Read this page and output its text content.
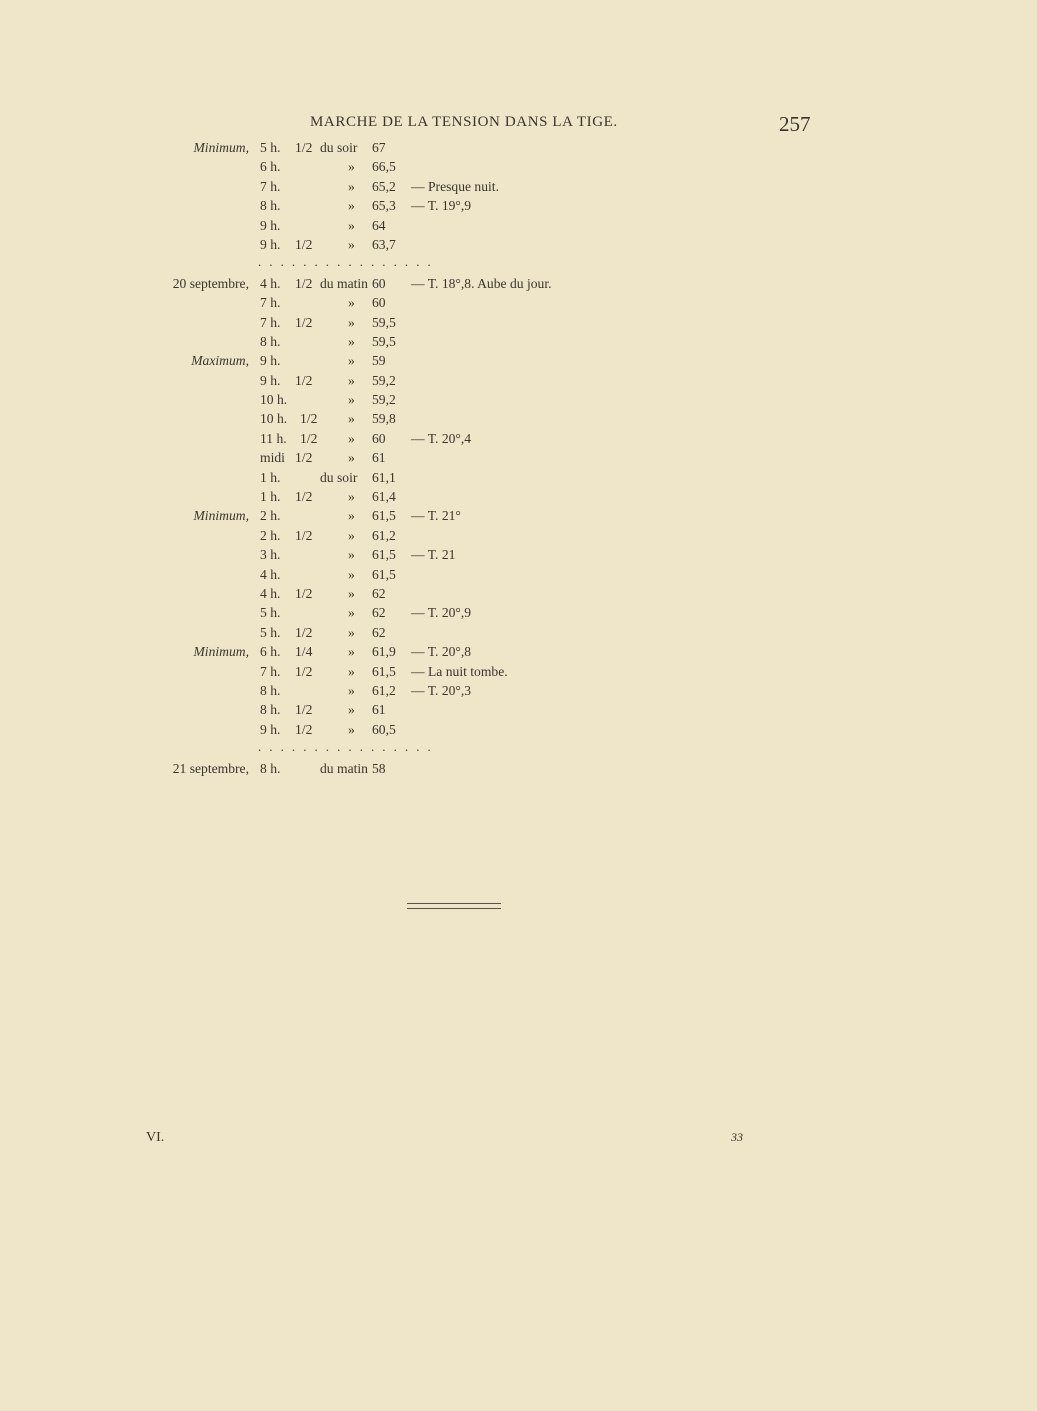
MARCHE DE LA TENSION DANS LA TIGE.	257
Minimum, 5 h. 1/2 du soir 67
6 h.	» 66,5
7 h.	» 65,2 — Presque nuit.
8 h.	» 65,3 — T. 19°,9
9 h.	» 64
9 h. 1/2	» 63,7
. . . . . . . . . . . . . . . .
20 septembre, 4 h. 1/2 du matin 60 — T. 18°,8. Aube du jour.
7 h.	» 60
7 h. 1/2	» 59,5
8 h.	» 59,5
Maximum, 9 h.	» 59
9 h. 1/2	» 59,2
10 h.	» 59,2
10 h. 1/2 » 59,8
11 h. 1/2 » 60 — T. 20°,4
midi 1/2	» 61
1 h.	du soir 61,1
1 h. 1/2	» 61,4
Minimum, 2 h.	» 61,5 — T. 21°
2 h. 1/2	» 61,2
3 h.	» 61,5 — T. 21
4 h.	» 61,5
4 h. 1/2	» 62
5 h.	» 62 — T. 20°,9
5 h. 1/2	» 62
Minimum, 6 h. 1/4	» 61,9 — T. 20°,8
7 h. 1/2	» 61,5 — La nuit tombe.
8 h.	» 61,2 — T. 20°,3
8 h. 1/2	» 61
9 h. 1/2	» 60,5
. . . . . . . . . . . . . . . .
21 septembre, 8 h.	du matin 58
VI.	33
